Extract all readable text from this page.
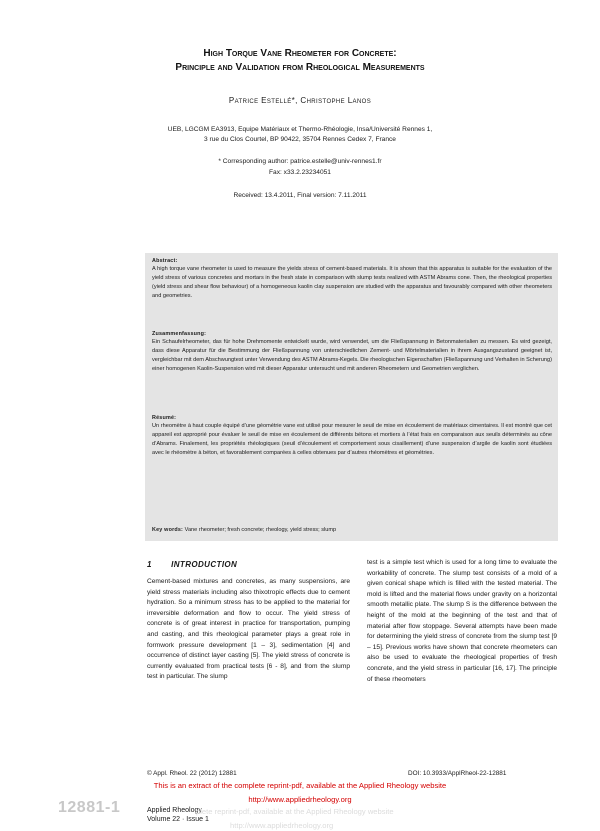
High Torque Vane Rheometer for Concrete:
Principle and Validation from Rheological Measurements
Patrice Estellé*, Christophe Lanos
UEB, LGCGM EA3913, Equipe Matériaux et Thermo-Rhéologie, Insa/Université Rennes 1,
3 rue du Clos Courtel, BP 90422, 35704 Rennes Cedex 7, France
* Corresponding author: patrice.estelle@univ-rennes1.fr
Fax: x33.2.23234051
Received: 13.4.2011, Final version: 7.11.2011
Abstract:

A high torque vane rheometer is used to measure the yields stress of cement-based materials. It is shown that this apparatus is suitable for the evaluation of the yield stress of various concretes and mortars in the fresh state in comparison with slump tests realized with ASTM Abrams cone. Then, the rheological properties (yield stress and shear flow behaviour) of a homogeneous kaolin clay suspension are studied with the apparatus and favourably compared with other rheometers and geometries.

Zusammenfassung:

Ein Schaufelrheometer, das für hohe Drehmomente entwickelt wurde, wird verwendet, um die Fließspannung in Betonmaterialien zu messen. Es wird gezeigt, dass diese Apparatur für die Bestimmung der Fließspannung von unterschiedlichen Zement- und Mörtelmaterialien in ihrem Ausgangszustand geeignet ist, vergleichbar mit dem Abschwungtest unter Verwendung des ASTM Abrams-Kegels. Die rheologischen Eigenschaften (Fließspannung und Verhalten in Scherung) einer homogenen Kaolin-Suspension wird mit dieser Apparatur untersucht und mit anderen Rheometern und Geometrien verglichen.

Résumé:

Un rheomètre à haut couple équipé d’une géométrie vane est utilisé pour mesurer le seuil de mise en écoulement de matériaux cimentaires. Il est montré que cet appareil est approprié pour évaluer le seuil de mise en écoulement de différents bétons et mortiers à l’état frais en comparaison aux seuils déterminés au cône d’Abrams. Finalement, les propriétés rhéologiques (seuil d’écoulement et comportement sous cisaillement) d’une suspension d’argile de kaolin sont étudiées avec le rhéomètre à béton, et favorablement comparées à celles obtenues par d’autres rhéomètres et géométries.

Key words: Vane rheometer; fresh concrete; rheology, yield stress; slump
1 INTRODUCTION
Cement-based mixtures and concretes, as many suspensions, are yield stress materials including also thixotropic effects due to cement hydration. So a minimum stress has to be applied to the material for irreversible deformation and flow to occur. The yield stress of concrete is of great interest in practice for transportation, pumping and casting, and this rheological parameter plays a great role in formwork pressure development [1 – 3], sedimentation [4] and occurrence of distinct layer casting [5]. The yield stress of concrete is currently evaluated from practical tests [6 - 8], and from the slump test in particular. The slump
test is a simple test which is used for a long time to evaluate the workability of concrete. The slump test consists of a mold of a given conical shape which is filled with the tested material. The mold is lifted and the material flows under gravity on a horizontal smooth metallic plate. The slump S is the difference between the height of the mold at the beginning of the test and that of material after flow stoppage. Several attempts have been made for determining the yield stress of concrete from the slump test [9 – 15]. Previous works have shown that concrete rheometers can also be used to evaluate the rheological properties of fresh concrete, and the yield stress in particular [16, 17]. The principle of these rheometers
© Appl. Rheol. 22 (2012) 12881	DOI: 10.3933/ApplRheol-22-12881
12881-1	Applied Rheology
Volume 22 · Issue 1
plete reprint-pdf, available at the Applied Rheology website
http://www.appliedrheology.org
This is an extract of the complete reprint-pdf, available at the Applied Rheology website
http://www.appliedrheology.org
